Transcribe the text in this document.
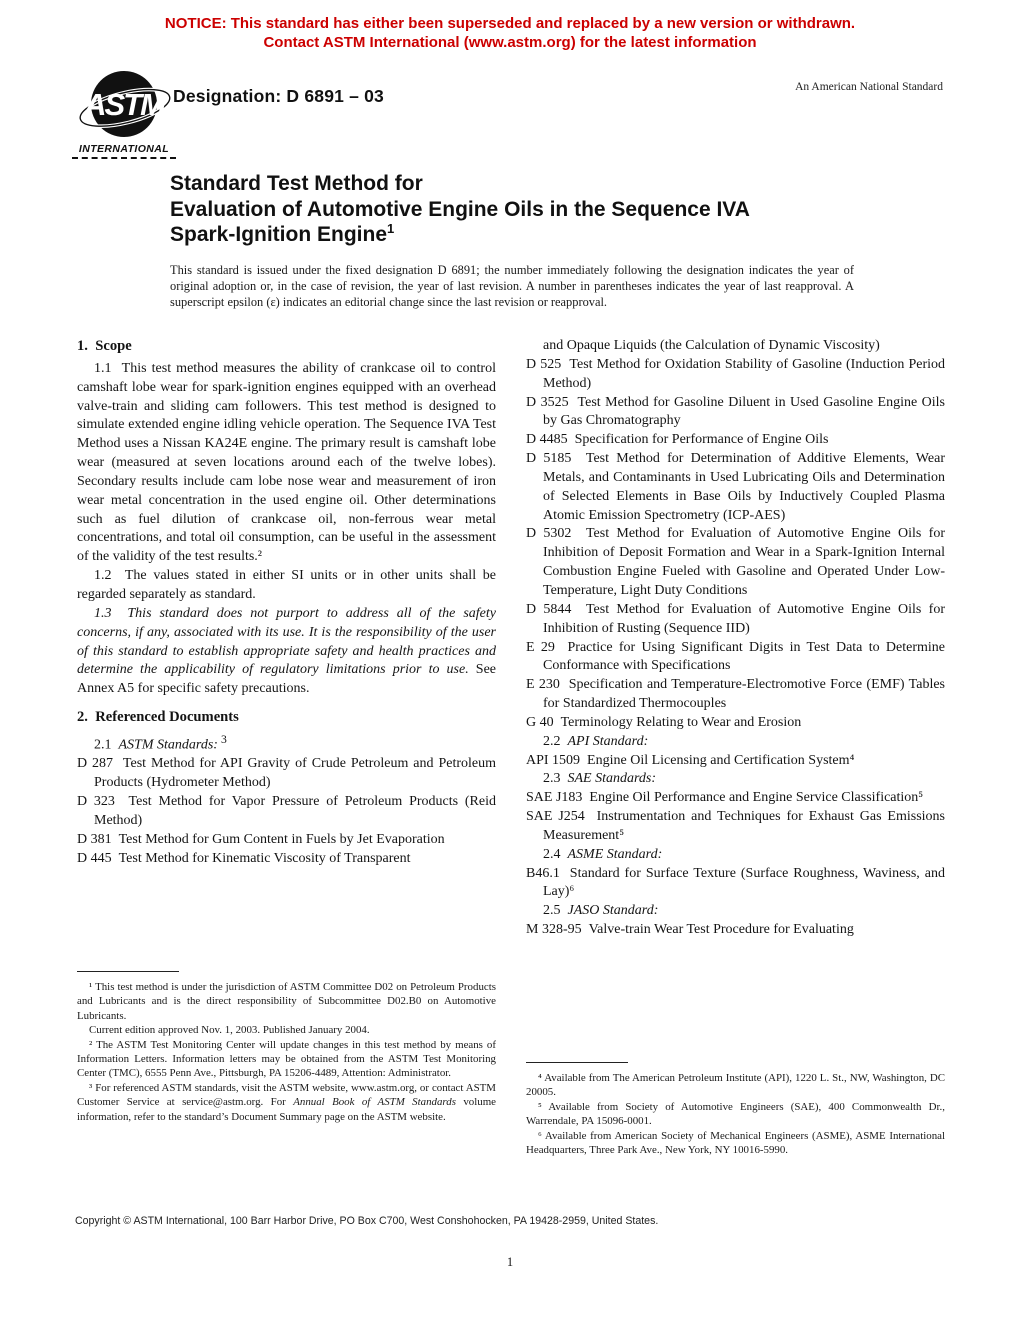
NOTICE: This standard has either been superseded and replaced by a new version or withdrawn.
Contact ASTM International (www.astm.org) for the latest information
ASTM
INTERNATIONAL
Designation: D 6891 – 03	An American National Standard
Standard Test Method for
Evaluation of Automotive Engine Oils in the Sequence IVA
Spark-Ignition Engine$^1$
This standard is issued under the fixed designation D 6891; the number immediately following the designation indicates the year of original adoption or, in the case of revision, the year of last revision. A number in parentheses indicates the year of last reapproval. A superscript epsilon (ε) indicates an editorial change since the last revision or reapproval.

1.  Scope

1.1  This test method measures the ability of crankcase oil to control camshaft lobe wear for spark-ignition engines equipped with an overhead valve-train and sliding cam followers. This test method is designed to simulate extended engine idling vehicle operation. The Sequence IVA Test Method uses a Nissan KA24E engine. The primary result is camshaft lobe wear (measured at seven locations around each of the twelve lobes). Secondary results include cam lobe nose wear and measurement of iron wear metal concentration in the used engine oil. Other determinations such as fuel dilution of crankcase oil, non-ferrous wear metal concentrations, and total oil consumption, can be useful in the assessment of the validity of the test results.²

1.2  The values stated in either SI units or in other units shall be regarded separately as standard.

1.3  This standard does not purport to address all of the safety concerns, if any, associated with its use. It is the responsibility of the user of this standard to establish appropriate safety and health practices and determine the applicability of regulatory limitations prior to use. See Annex A5 for specific safety precautions.

2.  Referenced Documents

2.1  ASTM Standards: $^3$

D 287  Test Method for API Gravity of Crude Petroleum and Petroleum Products (Hydrometer Method)
D 323  Test Method for Vapor Pressure of Petroleum Products (Reid Method)
D 381  Test Method for Gum Content in Fuels by Jet Evaporation
D 445  Test Method for Kinematic Viscosity of Transparent
and Opaque Liquids (the Calculation of Dynamic Viscosity)
D 525  Test Method for Oxidation Stability of Gasoline (Induction Period Method)
D 3525  Test Method for Gasoline Diluent in Used Gasoline Engine Oils by Gas Chromatography
D 4485  Specification for Performance of Engine Oils
D 5185  Test Method for Determination of Additive Elements, Wear Metals, and Contaminants in Used Lubricating Oils and Determination of Selected Elements in Base Oils by Inductively Coupled Plasma Atomic Emission Spectrometry (ICP-AES)
D 5302  Test Method for Evaluation of Automotive Engine Oils for Inhibition of Deposit Formation and Wear in a Spark-Ignition Internal Combustion Engine Fueled with Gasoline and Operated Under Low-Temperature, Light Duty Conditions
D 5844  Test Method for Evaluation of Automotive Engine Oils for Inhibition of Rusting (Sequence IID)
E 29  Practice for Using Significant Digits in Test Data to Determine Conformance with Specifications
E 230  Specification and Temperature-Electromotive Force (EMF) Tables for Standardized Thermocouples
G 40  Terminology Relating to Wear and Erosion

2.2  API Standard:

API 1509  Engine Oil Licensing and Certification System⁴

2.3  SAE Standards:

SAE J183  Engine Oil Performance and Engine Service Classification⁵
SAE J254  Instrumentation and Techniques for Exhaust Gas Emissions Measurement⁵

2.4  ASME Standard:

B46.1  Standard for Surface Texture (Surface Roughness, Waviness, and Lay)⁶

2.5  JASO Standard:

M 328-95  Valve-train Wear Test Procedure for Evaluating

¹ This test method is under the jurisdiction of ASTM Committee D02 on Petroleum Products and Lubricants and is the direct responsibility of Subcommittee D02.B0 on Automotive Lubricants.

Current edition approved Nov. 1, 2003. Published January 2004.

² The ASTM Test Monitoring Center will update changes in this test method by means of Information Letters. Information letters may be obtained from the ASTM Test Monitoring Center (TMC), 6555 Penn Ave., Pittsburgh, PA 15206-4489, Attention: Administrator.

³ For referenced ASTM standards, visit the ASTM website, www.astm.org, or contact ASTM Customer Service at service@astm.org. For Annual Book of ASTM Standards volume information, refer to the standard’s Document Summary page on the ASTM website.

⁴ Available from The American Petroleum Institute (API), 1220 L. St., NW, Washington, DC 20005.

⁵ Available from Society of Automotive Engineers (SAE), 400 Commonwealth Dr., Warrendale, PA 15096-0001.

⁶ Available from American Society of Mechanical Engineers (ASME), ASME International Headquarters, Three Park Ave., New York, NY 10016-5990.

Copyright © ASTM International, 100 Barr Harbor Drive, PO Box C700, West Conshohocken, PA 19428-2959, United States.
1
